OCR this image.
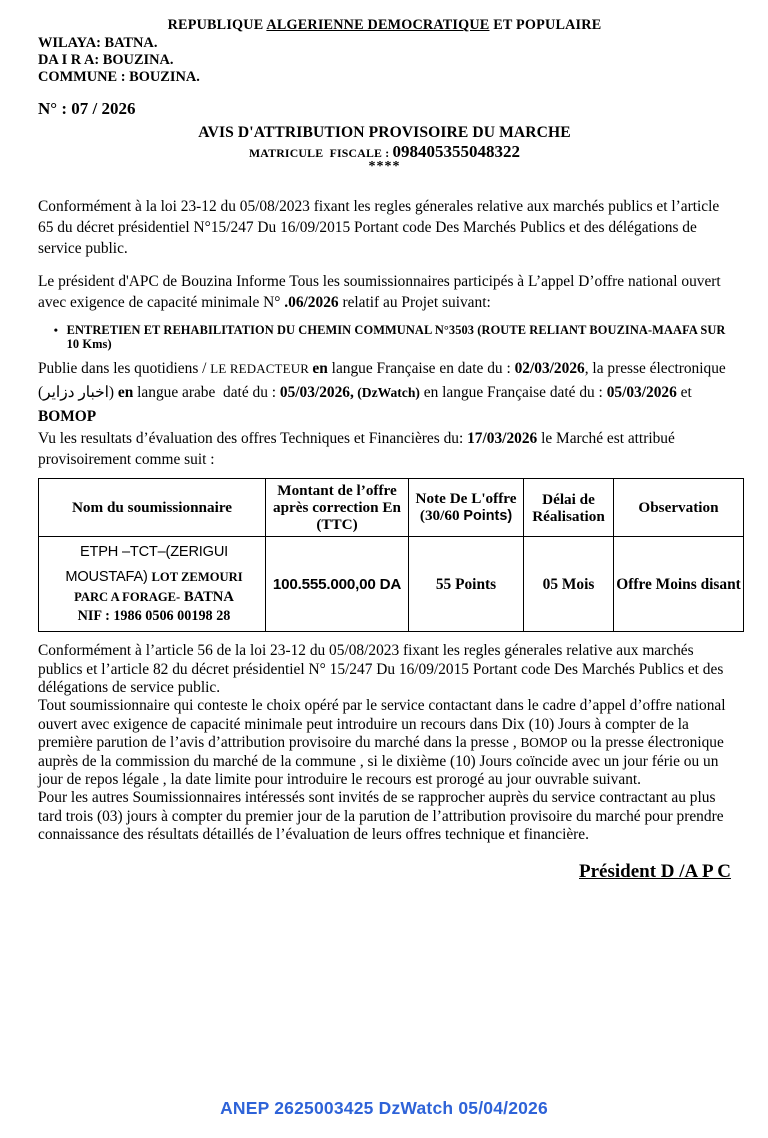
REPUBLIQUE ALGERIENNE DEMOCRATIQUE ET POPULAIRE
WILAYA: BATNA.
DA I R A: BOUZINA.
COMMUNE : BOUZINA.
N° : 07 / 2026
AVIS D'ATTRIBUTION PROVISOIRE DU MARCHE
MATRICULE  FISCALE : 098405355048322
****

Conformément à la loi 23-12 du 05/08/2023 fixant les regles génerales relative aux marchés publics et l’article 65 du décret présidentiel N°15/247 Du 16/09/2015 Portant code Des Marchés Publics et des délégations de service public.

Le président d'APC de Bouzina Informe Tous les soumissionnaires participés à L’appel D’offre national ouvert avec exigence de capacité minimale N° .06/2026 relatif au Projet suivant:

• ENTRETIEN ET REHABILITATION DU CHEMIN COMMUNAL N°3503 (ROUTE RELIANT BOUZINA-MAAFA SUR 10 Kms)

Publie dans les quotidiens / LE REDACTEUR en langue Française en date du : 02/03/2026, la presse électronique (اخبار دزاير) en langue arabe  daté du : 05/03/2026, (DzWatch) en langue Française daté du : 05/03/2026 et BOMOP

Vu les resultats d’évaluation des offres Techniques et Financières du: 17/03/2026 le Marché est attribué provisoirement comme suit :

Nom du soumissionnaire	Montant de l’offre après correction En (TTC)	Note De L'offre (30/60 Points)	Délai de Réalisation	Observation

ETPH –TCT–(ZERIGUI
MOUSTAFA) LOT ZEMOURI
PARC A FORAGE- BATNA
NIF : 1986 0506 00198 28	100.555.000,00 DA	55 Points	05 Mois	Offre Moins disant
Conformément à l’article 56 de la loi 23-12 du 05/08/2023 fixant les regles génerales relative aux marchés publics et l’article 82 du décret présidentiel N° 15/247 Du 16/09/2015 Portant code Des Marchés Publics et des délégations de service public.
Tout soumissionnaire qui conteste le choix opéré par le service contactant dans le cadre d’appel d’offre national ouvert avec exigence de capacité minimale peut introduire un recours dans Dix (10) Jours à compter de la première parution de l’avis d’attribution provisoire du marché dans la presse , BOMOP ou la presse électronique auprès de la commission du marché de la commune , si le dixième (10) Jours coïncide avec un jour férie ou un jour de repos légale , la date limite pour introduire le recours est prorogé au jour ouvrable suivant.
Pour les autres Soumissionnaires intéressés sont invités de se rapprocher auprès du service contractant au plus tard trois (03) jours à compter du premier jour de la parution de l’attribution provisoire du marché pour prendre connaissance des résultats détaillés de l’évaluation de leurs offres technique et financière.
Président D /A P C
ANEP 2625003425 DzWatch 05/04/2026
